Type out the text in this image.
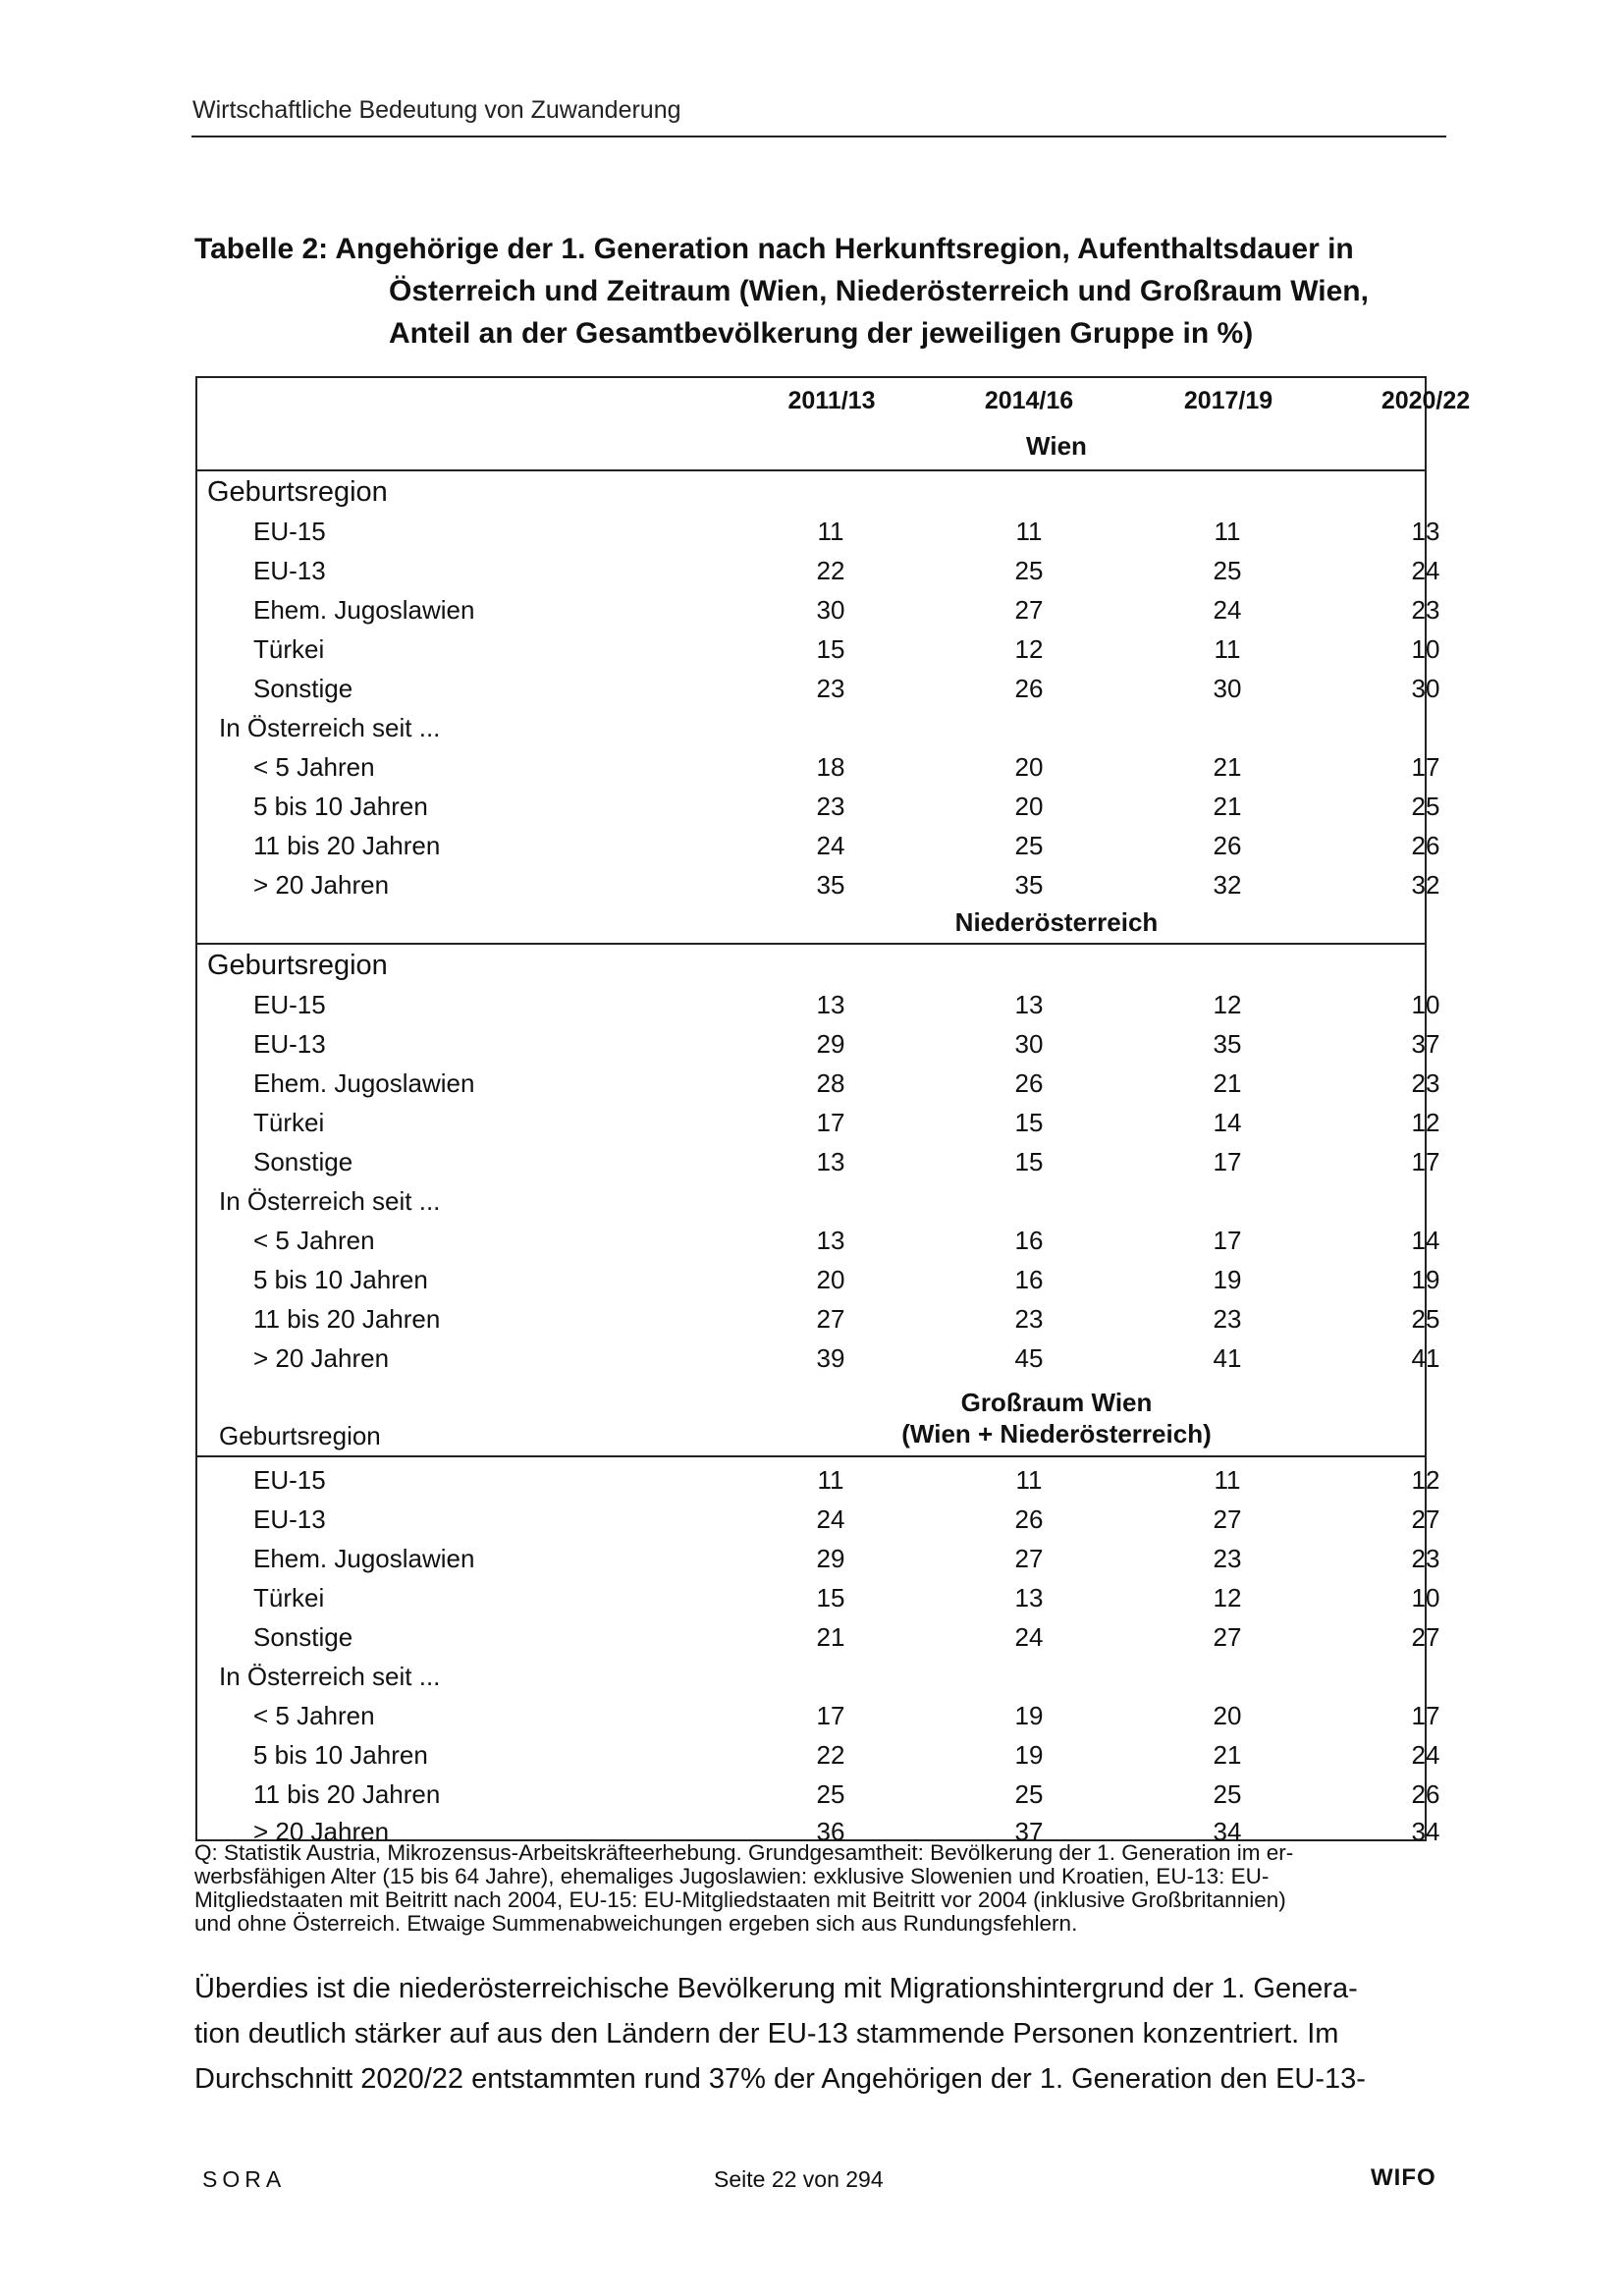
Wirtschaftliche Bedeutung von Zuwanderung
Tabelle 2: Angehörige der 1. Generation nach Herkunftsregion, Aufenthaltsdauer in
Österreich und Zeitraum (Wien, Niederösterreich und Großraum Wien,
Anteil an der Gesamtbevölkerung der jeweiligen Gruppe in %)
2011/13	2014/16	2017/19	2020/22
Wien
Geburtsregion
EU-15	11	11	11	13
EU-13	22	25	25	24
Ehem. Jugoslawien	30	27	24	23
Türkei	15	12	11	10
Sonstige	23	26	30	30
In Österreich seit ...
< 5 Jahren	18	20	21	17
5 bis 10 Jahren	23	20	21	25
11 bis 20 Jahren	24	25	26	26
> 20 Jahren	35	35	32	32
Niederösterreich
Geburtsregion
EU-15	13	13	12	10
EU-13	29	30	35	37
Ehem. Jugoslawien	28	26	21	23
Türkei	17	15	14	12
Sonstige	13	15	17	17
In Österreich seit ...
< 5 Jahren	13	16	17	14
5 bis 10 Jahren	20	16	19	19
11 bis 20 Jahren	27	23	23	25
> 20 Jahren	39	45	41	41
Großraum Wien
(Wien + Niederösterreich)
Geburtsregion
EU-15	11	11	11	12
EU-13	24	26	27	27
Ehem. Jugoslawien	29	27	23	23
Türkei	15	13	12	10
Sonstige	21	24	27	27
In Österreich seit ...
< 5 Jahren	17	19	20	17
5 bis 10 Jahren	22	19	21	24
11 bis 20 Jahren	25	25	25	26
> 20 Jahren	36	37	34	34
Q: Statistik Austria, Mikrozensus-Arbeitskräfteerhebung. Grundgesamtheit: Bevölkerung der 1. Generation im er-
werbsfähigen Alter (15 bis 64 Jahre), ehemaliges Jugoslawien: exklusive Slowenien und Kroatien, EU-13: EU-
Mitgliedstaaten mit Beitritt nach 2004, EU-15: EU-Mitgliedstaaten mit Beitritt vor 2004 (inklusive Großbritannien)
und ohne Österreich. Etwaige Summenabweichungen ergeben sich aus Rundungsfehlern.
Überdies ist die niederösterreichische Bevölkerung mit Migrationshintergrund der 1. Genera-
tion deutlich stärker auf aus den Ländern der EU-13 stammende Personen konzentriert. Im
Durchschnitt 2020/22 entstammten rund 37% der Angehörigen der 1. Generation den EU-13-
SORA	Seite 22 von 294	WIFO
